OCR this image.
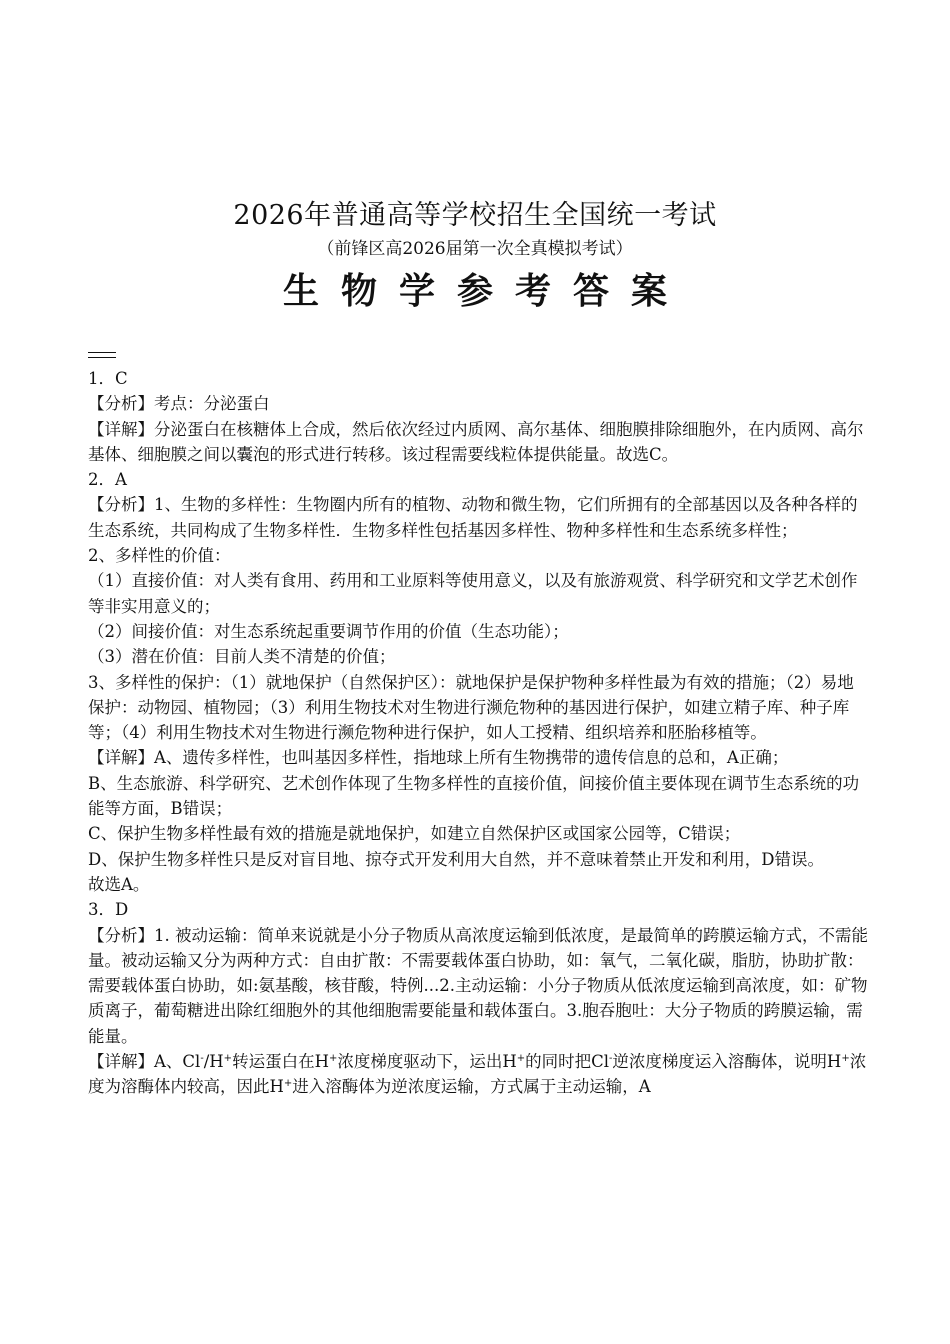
2026年普通高等学校招生全国统一考试
（前锋区高2026届第一次全真模拟考试）
生物学参考答案

1．C

【分析】考点：分泌蛋白

【详解】分泌蛋白在核糖体上合成，然后依次经过内质网、高尔基体、细胞膜排除细胞外，在内质网、高尔基体、细胞膜之间以囊泡的形式进行转移。该过程需要线粒体提供能量。故选C。

2．A

【分析】1、生物的多样性：生物圈内所有的植物、动物和微生物，它们所拥有的全部基因以及各种各样的生态系统，共同构成了生物多样性．生物多样性包括基因多样性、物种多样性和生态系统多样性；

2、多样性的价值：

（1）直接价值：对人类有食用、药用和工业原料等使用意义，以及有旅游观赏、科学研究和文学艺术创作等非实用意义的；

（2）间接价值：对生态系统起重要调节作用的价值（生态功能）；

（3）潜在价值：目前人类不清楚的价值；

3、多样性的保护：（1）就地保护（自然保护区）：就地保护是保护物种多样性最为有效的措施；（2）易地保护：动物园、植物园；（3）利用生物技术对生物进行濒危物种的基因进行保护，如建立精子库、种子库等；（4）利用生物技术对生物进行濒危物种进行保护，如人工授精、组织培养和胚胎移植等。

【详解】A、遗传多样性，也叫基因多样性，指地球上所有生物携带的遗传信息的总和，A正确；

B、生态旅游、科学研究、艺术创作体现了生物多样性的直接价值，间接价值主要体现在调节生态系统的功能等方面，B错误；

C、保护生物多样性最有效的措施是就地保护，如建立自然保护区或国家公园等，C错误；

D、保护生物多样性只是反对盲目地、掠夺式开发利用大自然，并不意味着禁止开发和利用，D错误。

故选A。

3．D

【分析】1. 被动运输：简单来说就是小分子物质从高浓度运输到低浓度，是最简单的跨膜运输方式，不需能量。被动运输又分为两种方式：自由扩散：不需要载体蛋白协助，如：氧气，二氧化碳，脂肪，协助扩散：需要载体蛋白协助，如:氨基酸，核苷酸，特例...2.主动运输：小分子物质从低浓度运输到高浓度，如：矿物质离子，葡萄糖进出除红细胞外的其他细胞需要能量和载体蛋白。3.胞吞胞吐：大分子物质的跨膜运输，需能量。

【详解】A、Cl-/H+转运蛋白在H+浓度梯度驱动下，运出H+的同时把Cl-逆浓度梯度运入溶酶体，说明H+浓度为溶酶体内较高，因此H+进入溶酶体为逆浓度运输，方式属于主动运输，A
